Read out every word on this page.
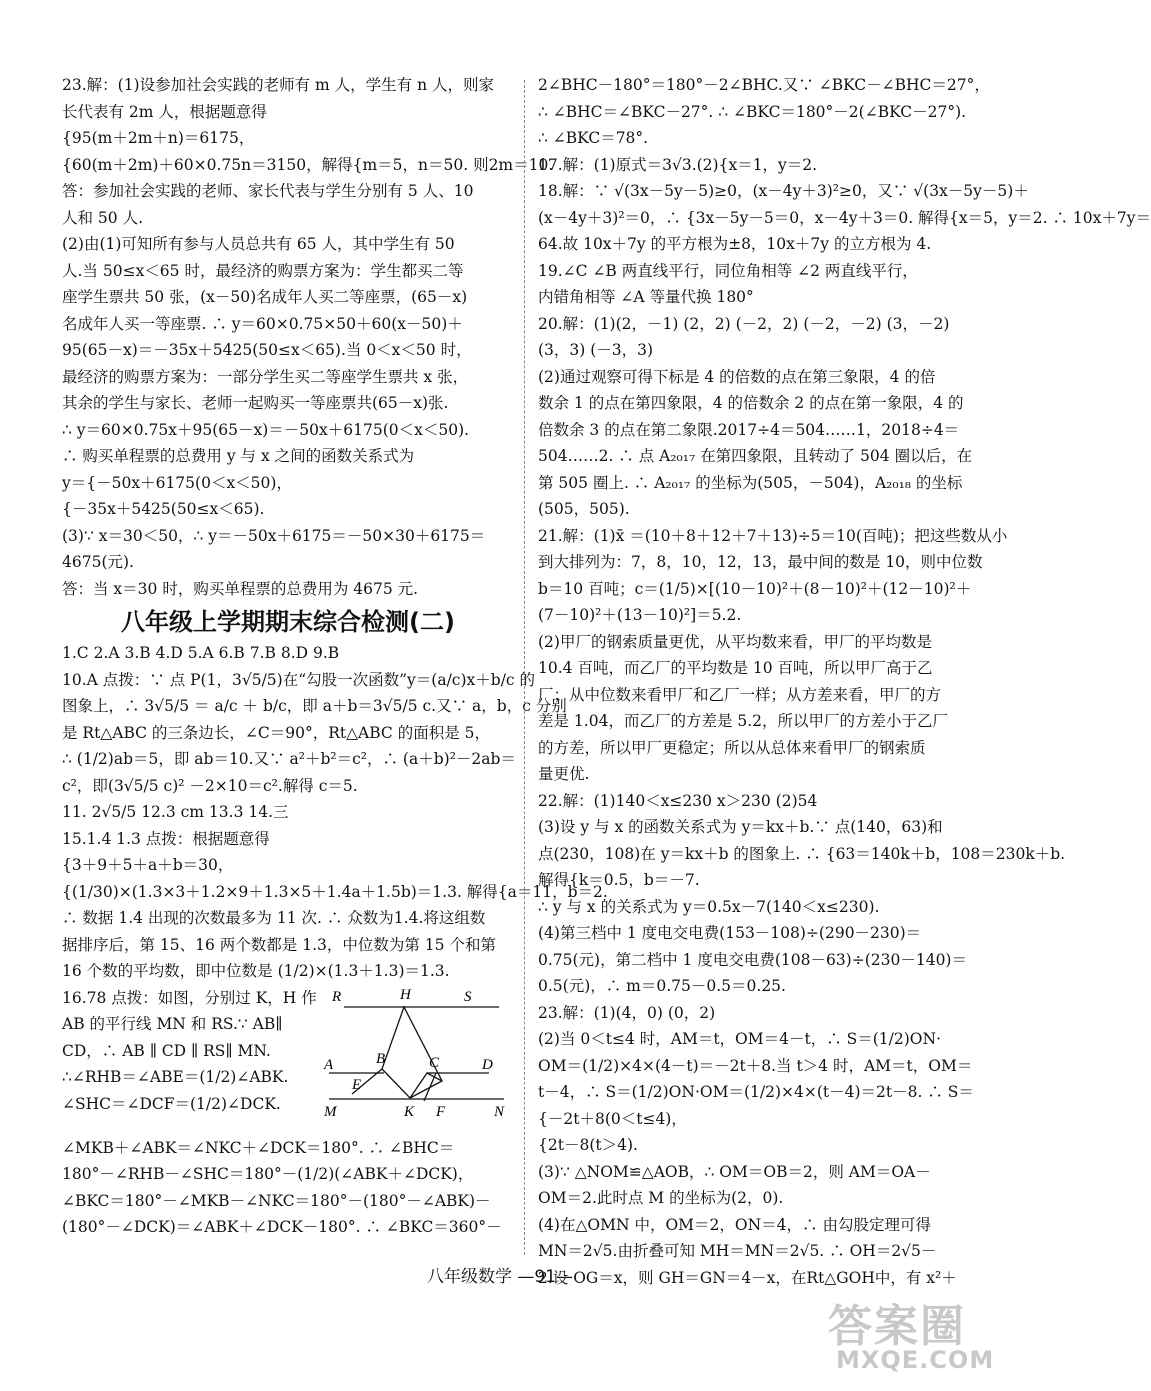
23.解：(1)设参加社会实践的老师有 m 人，学生有 n 人，则家
长代表有 2m 人，根据题意得
{95(m＋2m＋n)＝6175，
{60(m＋2m)＋60×0.75n＝3150，解得{m＝5，n＝50. 则2m＝10.
答：参加社会实践的老师、家长代表与学生分别有 5 人、10
人和 50 人.
(2)由(1)可知所有参与人员总共有 65 人，其中学生有 50
人.当 50≤x＜65 时，最经济的购票方案为：学生都买二等
座学生票共 50 张，(x－50)名成年人买二等座票，(65－x)
名成年人买一等座票. ∴ y＝60×0.75×50＋60(x－50)＋
95(65－x)＝－35x＋5425(50≤x＜65).当 0＜x＜50 时，
最经济的购票方案为：一部分学生买二等座学生票共 x 张，
其余的学生与家长、老师一起购买一等座票共(65－x)张.
∴ y＝60×0.75x＋95(65－x)＝－50x＋6175(0＜x＜50).
∴ 购买单程票的总费用 y 与 x 之间的函数关系式为
y＝{－50x＋6175(0＜x＜50)，
{－35x＋5425(50≤x＜65).
(3)∵ x＝30＜50，∴ y＝－50x＋6175＝－50×30＋6175＝
4675(元).
答：当 x＝30 时，购买单程票的总费用为 4675 元.
八年级上学期期末综合检测(二)
1.C 2.A 3.B 4.D 5.A 6.B 7.B 8.D 9.B
10.A 点拨：∵ 点 P(1，3√5/5)在“勾股一次函数”y＝(a/c)x＋b/c 的
图象上，∴ 3√5/5 ＝ a/c ＋ b/c，即 a＋b＝3√5/5 c.又∵ a，b，c 分别
是 Rt△ABC 的三条边长，∠C＝90°，Rt△ABC 的面积是 5，
∴ (1/2)ab＝5，即 ab＝10.又∵ a²＋b²＝c²，∴ (a＋b)²－2ab＝
c²，即(3√5/5 c)² －2×10＝c².解得 c＝5.
11. 2√5/5 12.3 cm 13.3 14.三
15.1.4 1.3 点拨：根据题意得
{3＋9＋5＋a＋b＝30，
{(1/30)×(1.3×3＋1.2×9＋1.3×5＋1.4a＋1.5b)＝1.3. 解得{a＝11，b＝2.
∴ 数据 1.4 出现的次数最多为 11 次. ∴ 众数为1.4.将这组数
据排序后，第 15、16 两个数都是 1.3，中位数为第 15 个和第
16 个数的平均数，即中位数是 (1/2)×(1.3＋1.3)＝1.3.
16.78 点拨：如图，分别过 K，H 作
AB 的平行线 MN 和 RS.∵ AB∥
CD，∴ AB ∥ CD ∥ RS∥ MN.
∴∠RHB＝∠ABE＝(1/2)∠ABK.
∠SHC＝∠DCF＝(1/2)∠DCK.
R	H	S
A	B	C	D
E
M	K F	N
∠MKB＋∠ABK＝∠NKC＋∠DCK＝180°. ∴ ∠BHC＝
180°－∠RHB－∠SHC＝180°－(1/2)(∠ABK＋∠DCK)，
∠BKC＝180°－∠MKB－∠NKC＝180°－(180°－∠ABK)－
(180°－∠DCK)＝∠ABK＋∠DCK－180°. ∴ ∠BKC＝360°－
2∠BHC－180°＝180°－2∠BHC.又∵ ∠BKC－∠BHC＝27°，
∴ ∠BHC＝∠BKC－27°. ∴ ∠BKC＝180°－2(∠BKC－27°).
∴ ∠BKC＝78°.
17.解：(1)原式＝3√3.(2){x＝1，y＝2.
18.解：∵ √(3x－5y－5)≥0，(x－4y＋3)²≥0，又∵ √(3x－5y－5)＋
(x－4y＋3)²＝0，∴ {3x－5y－5＝0，x－4y＋3＝0. 解得{x＝5，y＝2. ∴ 10x＋7y＝
64.故 10x＋7y 的平方根为±8，10x＋7y 的立方根为 4.
19.∠C ∠B 两直线平行，同位角相等 ∠2 两直线平行，
内错角相等 ∠A 等量代换 180°
20.解：(1)(2，－1) (2，2) (－2，2) (－2，－2) (3，－2)
(3，3) (－3，3)
(2)通过观察可得下标是 4 的倍数的点在第三象限，4 的倍
数余 1 的点在第四象限，4 的倍数余 2 的点在第一象限，4 的
倍数余 3 的点在第二象限.2017÷4＝504……1，2018÷4＝
504……2. ∴ 点 A₂₀₁₇ 在第四象限，且转动了 504 圈以后，在
第 505 圈上. ∴ A₂₀₁₇ 的坐标为(505，－504)，A₂₀₁₈ 的坐标
(505，505).
21.解：(1)x̄ ＝(10＋8＋12＋7＋13)÷5＝10(百吨)；把这些数从小
到大排列为：7，8，10，12，13，最中间的数是 10，则中位数
b＝10 百吨；c＝(1/5)×[(10－10)²＋(8－10)²＋(12－10)²＋
(7－10)²＋(13－10)²]＝5.2.
(2)甲厂的钢索质量更优，从平均数来看，甲厂的平均数是
10.4 百吨，而乙厂的平均数是 10 百吨，所以甲厂高于乙
厂；从中位数来看甲厂和乙厂一样；从方差来看，甲厂的方
差是 1.04，而乙厂的方差是 5.2，所以甲厂的方差小于乙厂
的方差，所以甲厂更稳定；所以从总体来看甲厂的钢索质
量更优.
22.解：(1)140＜x≤230 x＞230 (2)54
(3)设 y 与 x 的函数关系式为 y＝kx＋b.∵ 点(140，63)和
点(230，108)在 y＝kx＋b 的图象上. ∴ {63＝140k＋b，108＝230k＋b.
解得{k＝0.5，b＝－7.
∴ y 与 x 的关系式为 y＝0.5x－7(140＜x≤230).
(4)第三档中 1 度电交电费(153－108)÷(290－230)＝
0.75(元)，第二档中 1 度电交电费(108－63)÷(230－140)＝
0.5(元)，∴ m＝0.75－0.5＝0.25.
23.解：(1)(4，0) (0，2)
(2)当 0＜t≤4 时，AM＝t，OM＝4－t，∴ S＝(1/2)ON·
OM＝(1/2)×4×(4－t)＝－2t＋8.当 t＞4 时，AM＝t，OM＝
t－4，∴ S＝(1/2)ON·OM＝(1/2)×4×(t－4)＝2t－8. ∴ S＝
{－2t＋8(0＜t≤4)，
{2t－8(t＞4).
(3)∵ △NOM≌△AOB，∴ OM＝OB＝2，则 AM＝OA－
OM＝2.此时点 M 的坐标为(2，0).
(4)在△OMN 中，OM＝2，ON＝4，∴ 由勾股定理可得
MN＝2√5.由折叠可知 MH＝MN＝2√5. ∴ OH＝2√5－
2.设 OG＝x，则 GH＝GN＝4－x，在Rt△GOH中，有 x²＋
八年级数学 —91—
答案圈
MXQE.COM
